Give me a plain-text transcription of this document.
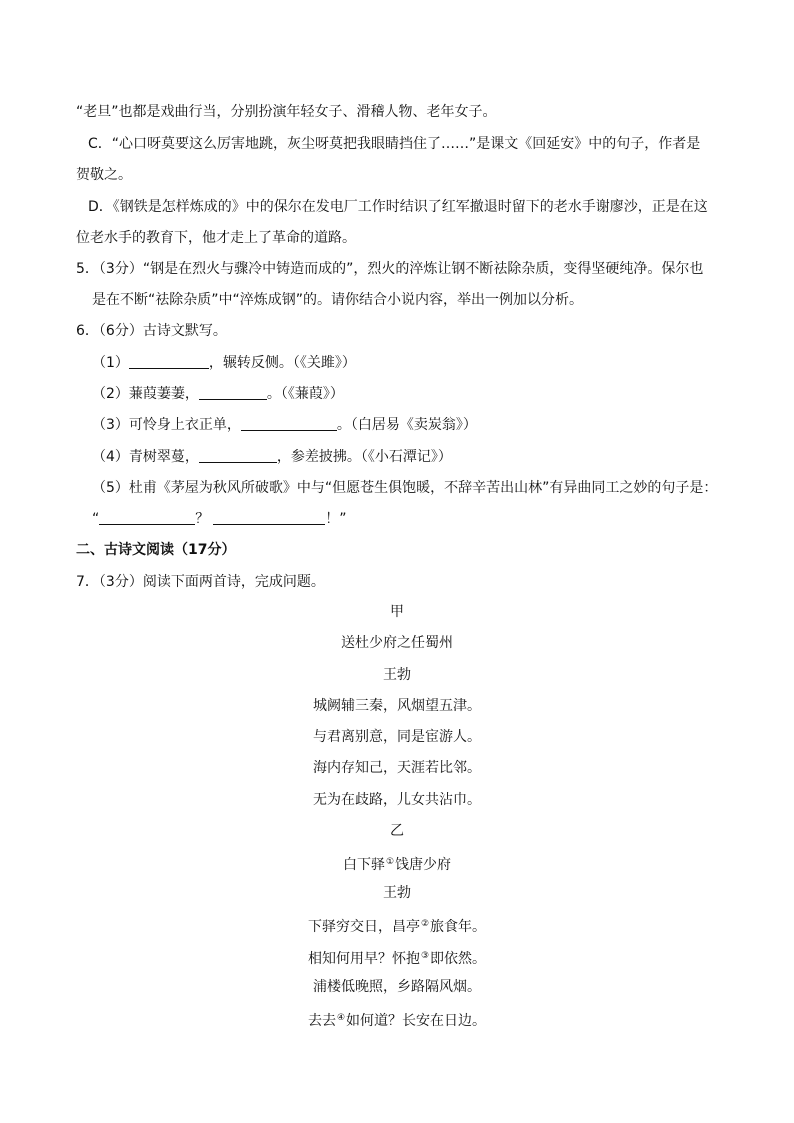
“老旦”也都是戏曲行当，分别扮演年轻女子、滑稽人物、老年女子。
C．“心口呀莫要这么厉害地跳，灰尘呀莫把我眼睛挡住了……”是课文《回延安》中的句子，作者是
贺敬之。
D．《钢铁是怎样炼成的》中的保尔在发电厂工作时结识了红军撤退时留下的老水手谢廖沙，正是在这
位老水手的教育下，他才走上了革命的道路。
5．（3分）“钢是在烈火与骤冷中铸造而成的”，烈火的淬炼让钢不断祛除杂质，变得坚硬纯净。保尔也
是在不断“祛除杂质”中“淬炼成钢”的。请你结合小说内容，举出一例加以分析。
6．（6分）古诗文默写。
（1）	，辗转反侧。（《关雎》）
（2）蒹葭萋萋，	。（《蒹葭》）
（3）可怜身上衣正单，	。（白居易《卖炭翁》）
（4）青树翠蔓，	，参差披拂。（《小石潭记》）
（5）杜甫《茅屋为秋风所破歌》中与“但愿苍生俱饱暖，不辞辛苦出山林”有异曲同工之妙的句子是：
“	？	！”
二、古诗文阅读（17分）
7．（3分）阅读下面两首诗，完成问题。
甲
送杜少府之任蜀州
王勃
城阙辅三秦，风烟望五津。
与君离别意，同是宦游人。
海内存知己，天涯若比邻。
无为在歧路，儿女共沾巾。
乙
白下驿①饯唐少府
王勃
下驿穷交日，昌亭②旅食年。
相知何用早？怀抱③即依然。
浦楼低晚照，乡路隔风烟。
去去④如何道？长安在日边。
